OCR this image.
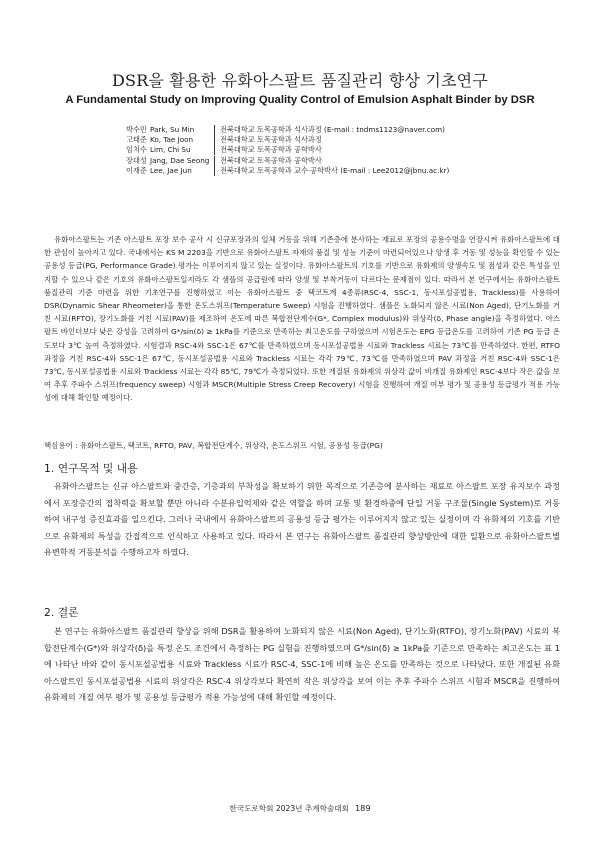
DSR을 활용한 유화아스팔트 품질관리 향상 기초연구
A Fundamental Study on Improving Quality Control of Emulsion Asphalt Binder by DSR
박수민 Park, Su Min	전북대학교 토목공학과 석사과정 (E-mail : tndms1123@naver.com)
고태준 Ko, Tae Joon	전북대학교 토목공학과 석사과정
임치수 Lim, Chi Su	전북대학교 토목공학과 공학박사
장대성 Jang, Dae Seong	전북대학교 토목공학과 공학박사
이재준 Lee, Jae Jun	전북대학교 토목공학과 교수·공학박사 (E-mail : Lee2012@jbnu.ac.kr)

유화아스팔트는 기존 아스팔트 포장 보수 공사 시 신규포장과의 일체 거동을 위해 기존층에 분사하는 재료로 포장의 공용수명을 연장시켜 유화아스팔트에 대한 관심이 높아지고 있다. 국내에서는 KS M 2203을 기반으로 유화아스팔트 자재의 품질 및 성능 기준이 마련되어있으나 양생 후 거동 및 성능을 확인할 수 있는 공용성 등급(PG, Performance Grade) 평가는 이루어지지 않고 있는 실정이다. 유화아스팔트의 기호를 기반으로 유화제의 양생속도 및 점성과 같은 특성을 인지할 수 있으나 같은 기호의 유화아스팔트일지라도 각 샘플의 공급원에 따라 양생 및 부착거동이 다르다는 문제점이 있다. 따라서 본 연구에서는 유화아스팔트 품질관리 기준 마련을 위한 기초연구를 진행하였고 이는 유화아스팔트 중 택코트계 4종류(RSC-4, SSC-1, 동시포설공법용, Trackless)를 사용하여 DSR(Dynamic Shear Rheometer)을 통한 온도스위프(Temperature Sweep) 시험을 진행하였다. 샘플은 노화되지 않은 시료(Non Aged), 단기노화를 거친 시료(RFTO), 장기노화를 거친 시료(PAV)를 제조하여 온도에 따른 복합전단계수(G*, Complex modulus)와 위상각(δ, Phase angle)을 측정하였다. 아스팔트 바인더보다 낮은 강성을 고려하여 G*/sin(δ) ≥ 1kPa를 기준으로 만족하는 최고온도를 구하였으며 시험온도는 EPG 등급온도를 고려하여 기존 PG 등급 온도보다 3℃ 높여 측정하였다. 시험결과 RSC-4와 SSC-1은 67℃를 만족하였으며 동시포설공법용 시료와 Trackless 시료는 73℃를 만족하였다. 한편, RTFO 과정을 거친 RSC-4와 SSC-1은 67℃, 동시포설공법용 시료와 Trackless 시료는 각각 79℃, 73℃를 만족하였으며 PAV 과정을 거친 RSC-4와 SSC-1은 73℃, 동시포설공법용 시료와 Trackless 시료는 각각 85℃, 79℃가 측정되었다. 또한 개질된 유화제의 위상각 값이 비개질 유화제인 RSC-4보다 작은 값을 보여 추후 주파수 스위프(frequency sweep) 시험과 MSCR(Multiple Stress Creep Recovery) 시험을 진행하여 개질 여부 평가 및 공용성 등급평가 적용 가능성에 대해 확인할 예정이다.

핵심용어 : 유화아스팔트, 택코트, RFTO, PAV, 복합전단계수, 위상각, 온도스위프 시험, 공용성 등급(PG)

1. 연구목적 및 내용

유화아스팔트는 신규 아스팔트와 중간층, 기층과의 부착성을 확보하기 위한 목적으로 기존층에 분사하는 재료로 아스팔트 포장 유지보수 과정에서 포장층간의 접착력을 확보할 뿐만 아니라 수분유입억제와 같은 역할을 하며 교통 및 환경하중에 단일 거동 구조물(Single System)로 거동하여 내구성 증진효과를 일으킨다. 그러나 국내에서 유화아스팔트의 공용성 등급 평가는 이루어지지 않고 있는 실정이며 각 유화제의 기호를 기반으로 유화제의 특성을 간접적으로 인식하고 사용하고 있다. 따라서 본 연구는 유화아스팔트 품질관리 향상방안에 대한 일환으로 유화아스팔트별 유변학적 거동분석을 수행하고자 하였다.

2. 결론

본 연구는 유화아스팔트 품질관리 향상을 위해 DSR을 활용하여 노화되지 않은 시료(Non Aged), 단기노화(RTFO), 장기노화(PAV) 시료의 복합전단계수(G*)와 위상각(δ)을 특정 온도 조건에서 측정하는 PG 실험을 진행하였으며 G*/sin(δ) ≥ 1kPa를 기준으로 만족하는 최고온도는 표 1에 나타난 바와 같이 동시포설공법용 시료와 Trackless 시료가 RSC-4, SSC-1에 비해 높은 온도를 만족하는 것으로 나타났다. 또한 개질된 유화아스팔트인 동시포설공법용 시료의 위상각은 RSC-4 위상각보다 확연히 작은 위상각을 보여 이는 추후 주파수 스위프 시험과 MSCR을 진행하여 유화제의 개질 여부 평가 및 공용성 등급평가 적용 가능성에 대해 확인할 예정이다.

한국도로학회 2023년 추계학술대회 189
